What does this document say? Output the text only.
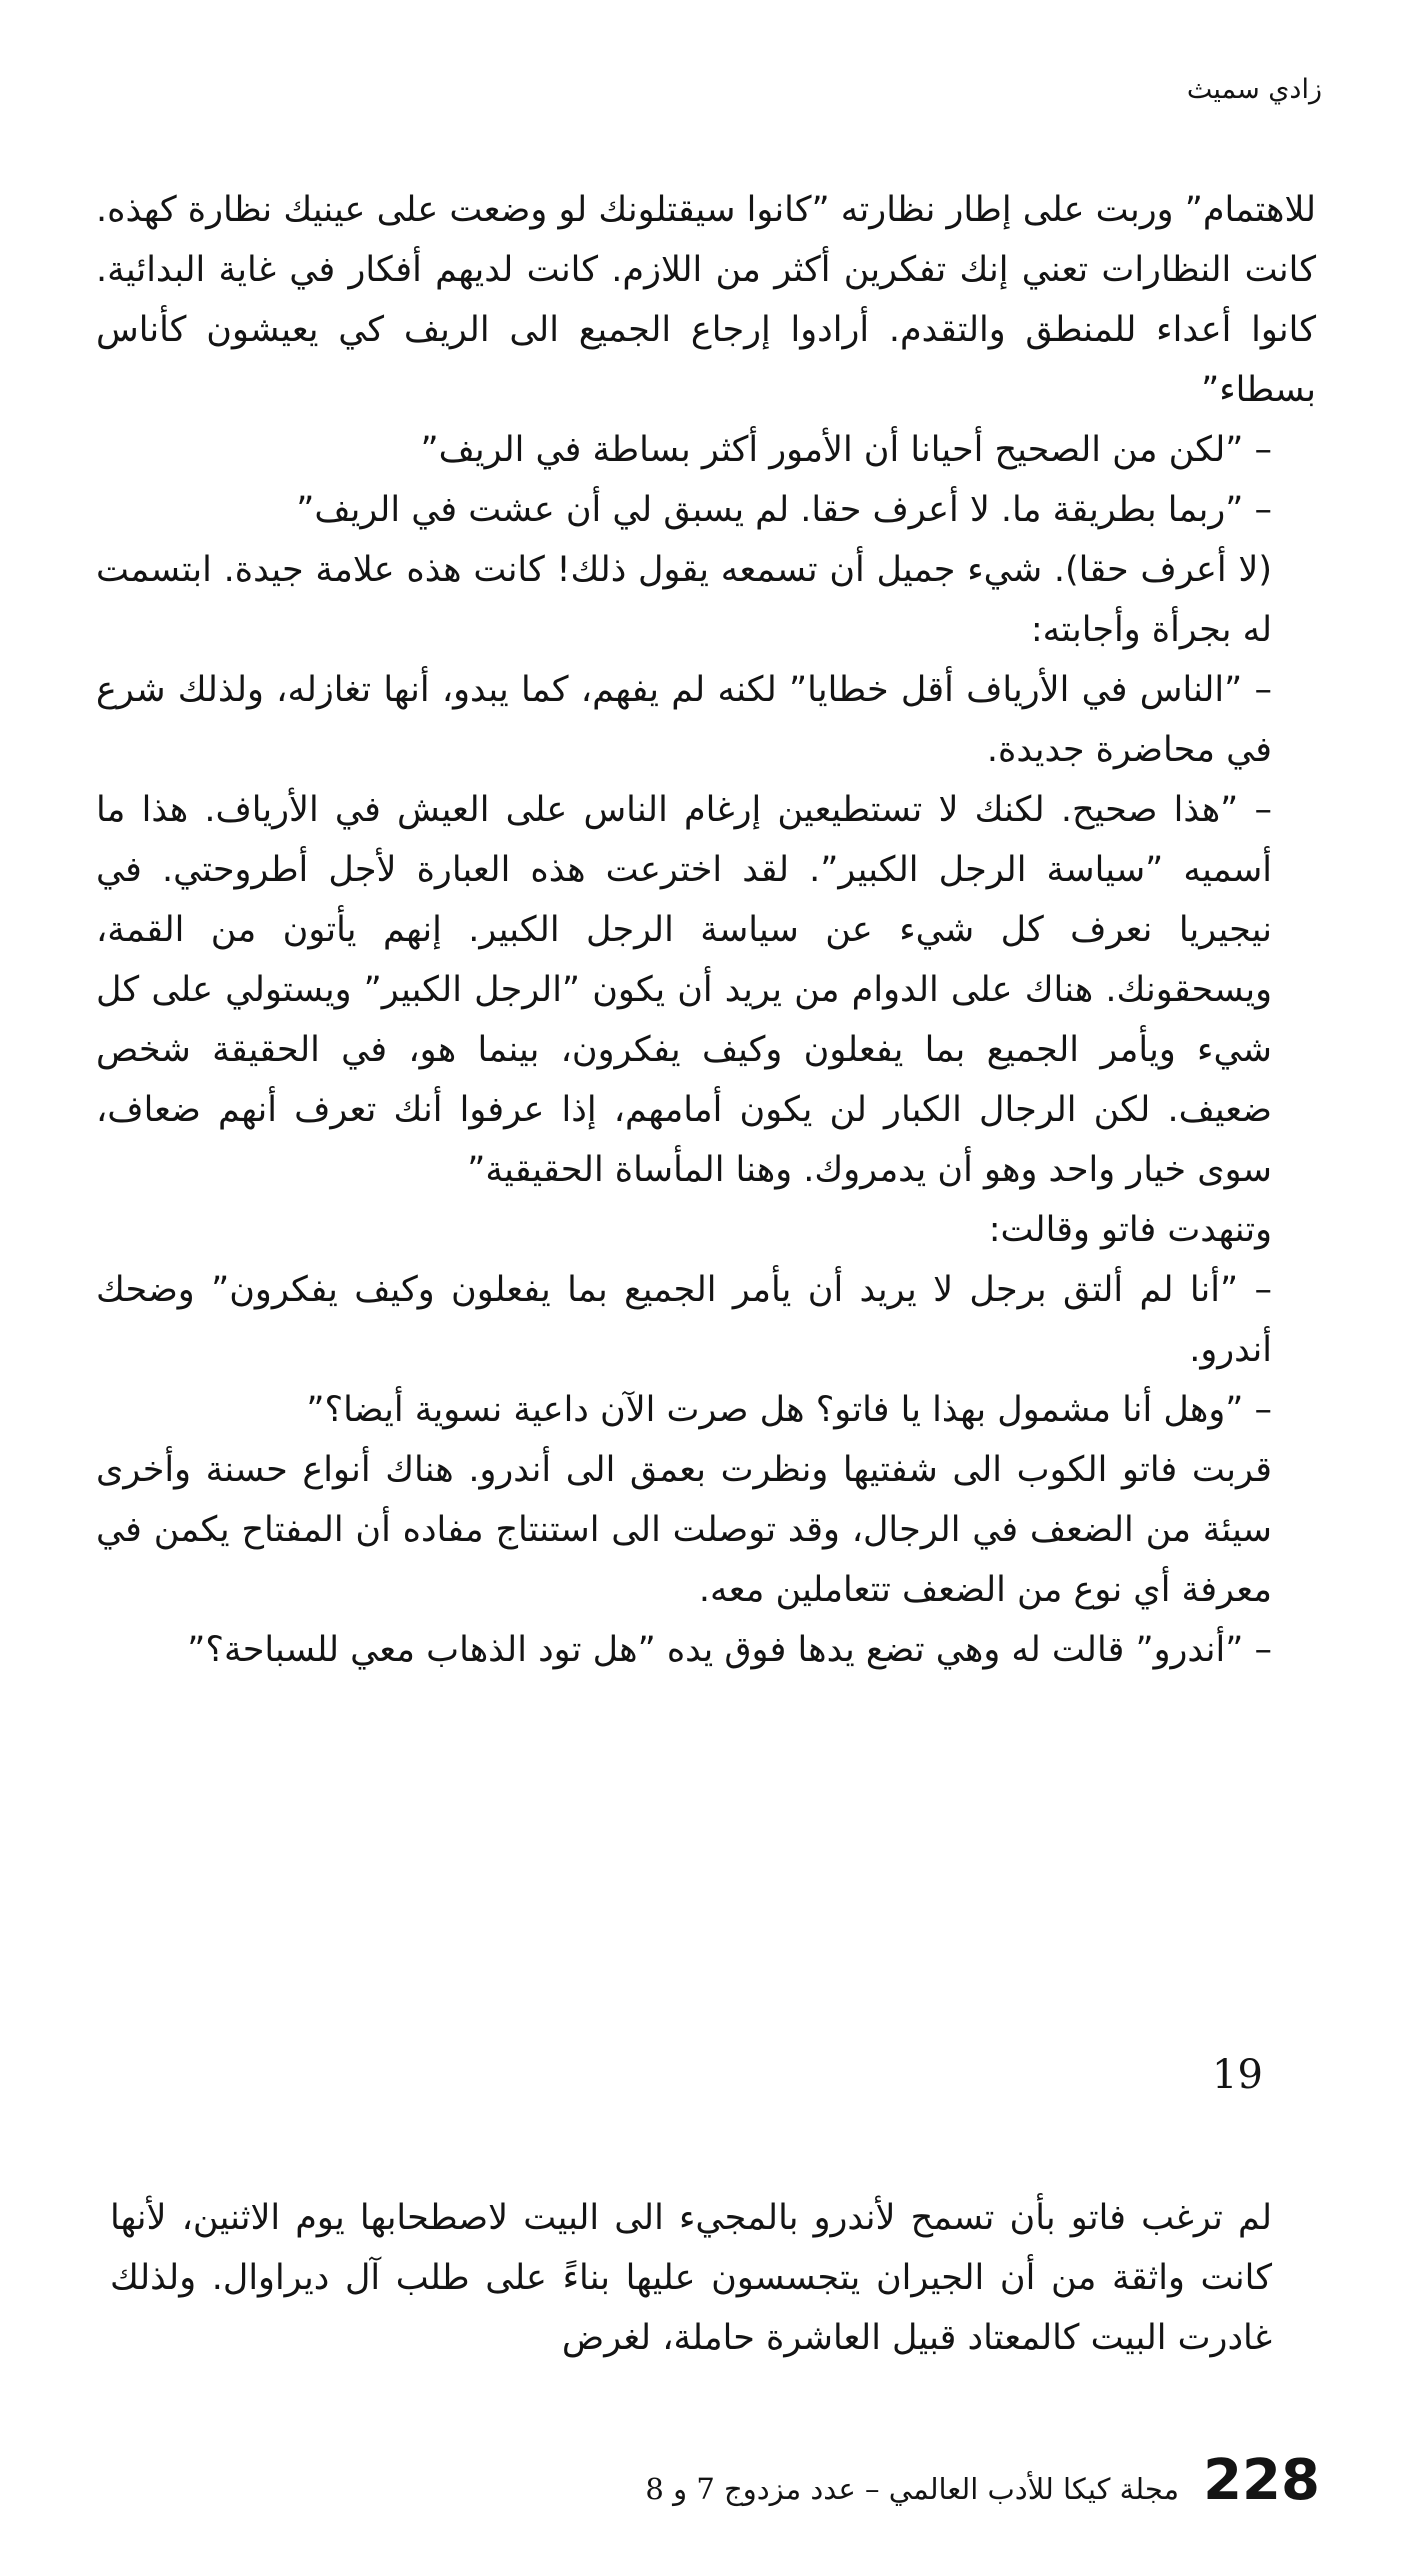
زادي سميث

للاهتمام” وربت على إطار نظارته ”كانوا سيقتلونك لو وضعت على عينيك نظارة كهذه. كانت النظارات تعني إنك تفكرين أكثر من اللازم. كانت لديهم أفكار في غاية البدائية. كانوا أعداء للمنطق والتقدم. أرادوا إرجاع الجميع الى الريف كي يعيشون كأناس بسطاء”

– ”لكن من الصحيح أحيانا أن الأمور أكثر بساطة في الريف”

– ”ربما بطريقة ما. لا أعرف حقا. لم يسبق لي أن عشت في الريف”

(لا أعرف حقا). شيء جميل أن تسمعه يقول ذلك! كانت هذه علامة جيدة. ابتسمت له بجرأة وأجابته:

– ”الناس في الأرياف أقل خطايا” لكنه لم يفهم، كما يبدو، أنها تغازله، ولذلك شرع في محاضرة جديدة.

– ”هذا صحيح. لكنك لا تستطيعين إرغام الناس على العيش في الأرياف. هذا ما أسميه ”سياسة الرجل الكبير”. لقد اخترعت هذه العبارة لأجل أطروحتي. في نيجيريا نعرف كل شيء عن سياسة الرجل الكبير. إنهم يأتون من القمة، ويسحقونك. هناك على الدوام من يريد أن يكون ”الرجل الكبير” ويستولي على كل شيء ويأمر الجميع بما يفعلون وكيف يفكرون، بينما هو، في الحقيقة شخص ضعيف. لكن الرجال الكبار لن يكون أمامهم، إذا عرفوا أنك تعرف أنهم ضعاف، سوى خيار واحد وهو أن يدمروك. وهنا المأساة الحقيقية”

وتنهدت فاتو وقالت:

– ”أنا لم ألتق برجل لا يريد أن يأمر الجميع بما يفعلون وكيف يفكرون” وضحك أندرو.

– ”وهل أنا مشمول بهذا يا فاتو؟ هل صرت الآن داعية نسوية أيضا؟”

قربت فاتو الكوب الى شفتيها ونظرت بعمق الى أندرو. هناك أنواع حسنة وأخرى سيئة من الضعف في الرجال، وقد توصلت الى استنتاج مفاده أن المفتاح يكمن في معرفة أي نوع من الضعف تتعاملين معه.

– ”أندرو” قالت له وهي تضع يدها فوق يده ”هل تود الذهاب معي للسباحة؟”

19

لم ترغب فاتو بأن تسمح لأندرو بالمجيء الى البيت لاصطحابها يوم الاثنين، لأنها كانت واثقة من أن الجيران يتجسسون عليها بناءً على طلب آل ديراوال. ولذلك غادرت البيت كالمعتاد قبيل العاشرة حاملة، لغرض

مجلة كيكا للأدب العالمي – عدد مزدوج 7 و 8 228
